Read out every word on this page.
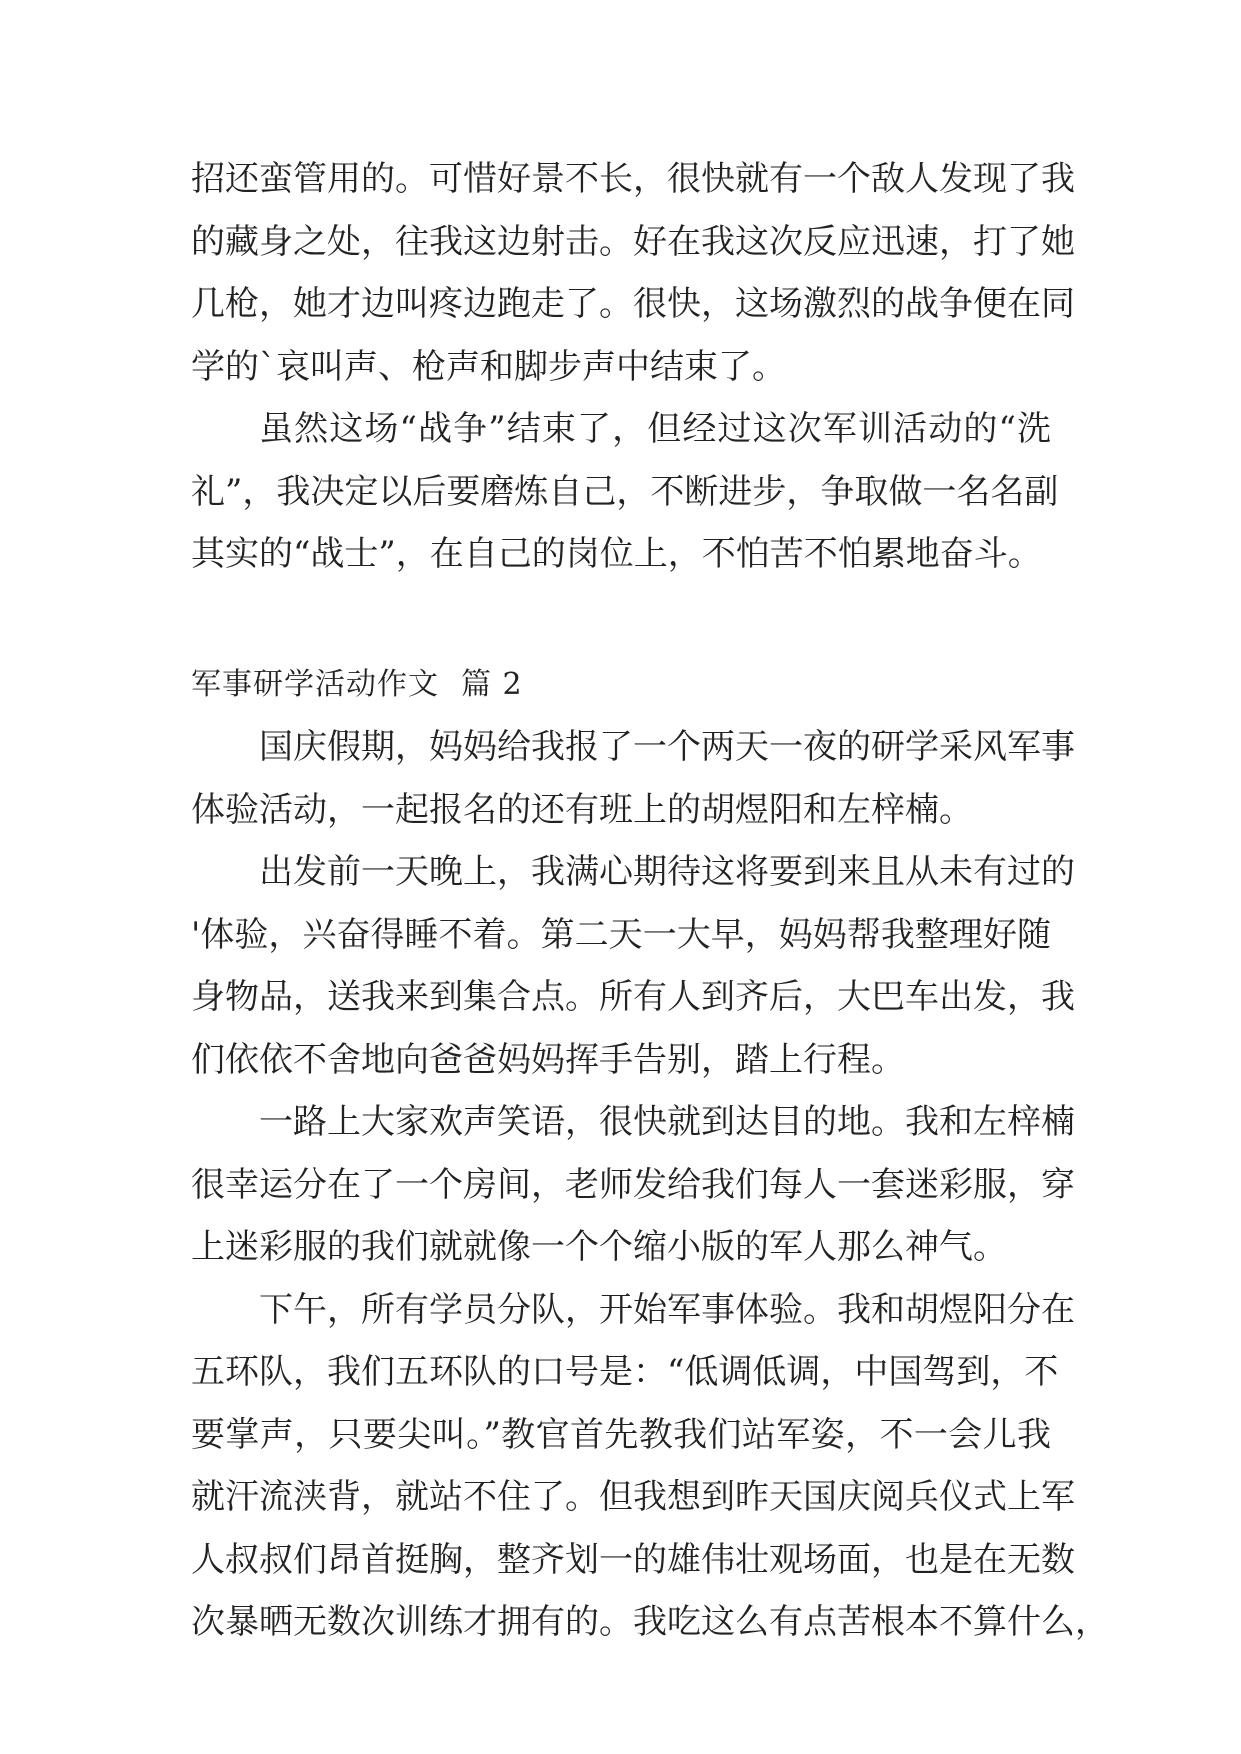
招还蛮管用的。可惜好景不长，很快就有一个敌人发现了我
的藏身之处，往我这边射击。好在我这次反应迅速，打了她
几枪，她才边叫疼边跑走了。很快，这场激烈的战争便在同
学的`哀叫声、枪声和脚步声中结束了。
虽然这场“战争”结束了，但经过这次军训活动的“洗
礼”，我决定以后要磨炼自己，不断进步，争取做一名名副
其实的“战士”，在自己的岗位上，不怕苦不怕累地奋斗。
军事研学活动作文 篇 2
国庆假期，妈妈给我报了一个两天一夜的研学采风军事
体验活动，一起报名的还有班上的胡煜阳和左梓楠。
出发前一天晚上，我满心期待这将要到来且从未有过的
'体验，兴奋得睡不着。第二天一大早，妈妈帮我整理好随
身物品，送我来到集合点。所有人到齐后，大巴车出发，我
们依依不舍地向爸爸妈妈挥手告别，踏上行程。
一路上大家欢声笑语，很快就到达目的地。我和左梓楠
很幸运分在了一个房间，老师发给我们每人一套迷彩服，穿
上迷彩服的我们就就像一个个缩小版的军人那么神气。
下午，所有学员分队，开始军事体验。我和胡煜阳分在
五环队，我们五环队的口号是：“低调低调，中国驾到，不
要掌声，只要尖叫。”教官首先教我们站军姿，不一会儿我
就汗流浃背，就站不住了。但我想到昨天国庆阅兵仪式上军
人叔叔们昂首挺胸，整齐划一的雄伟壮观场面，也是在无数
次暴晒无数次训练才拥有的。我吃这么有点苦根本不算什么，
